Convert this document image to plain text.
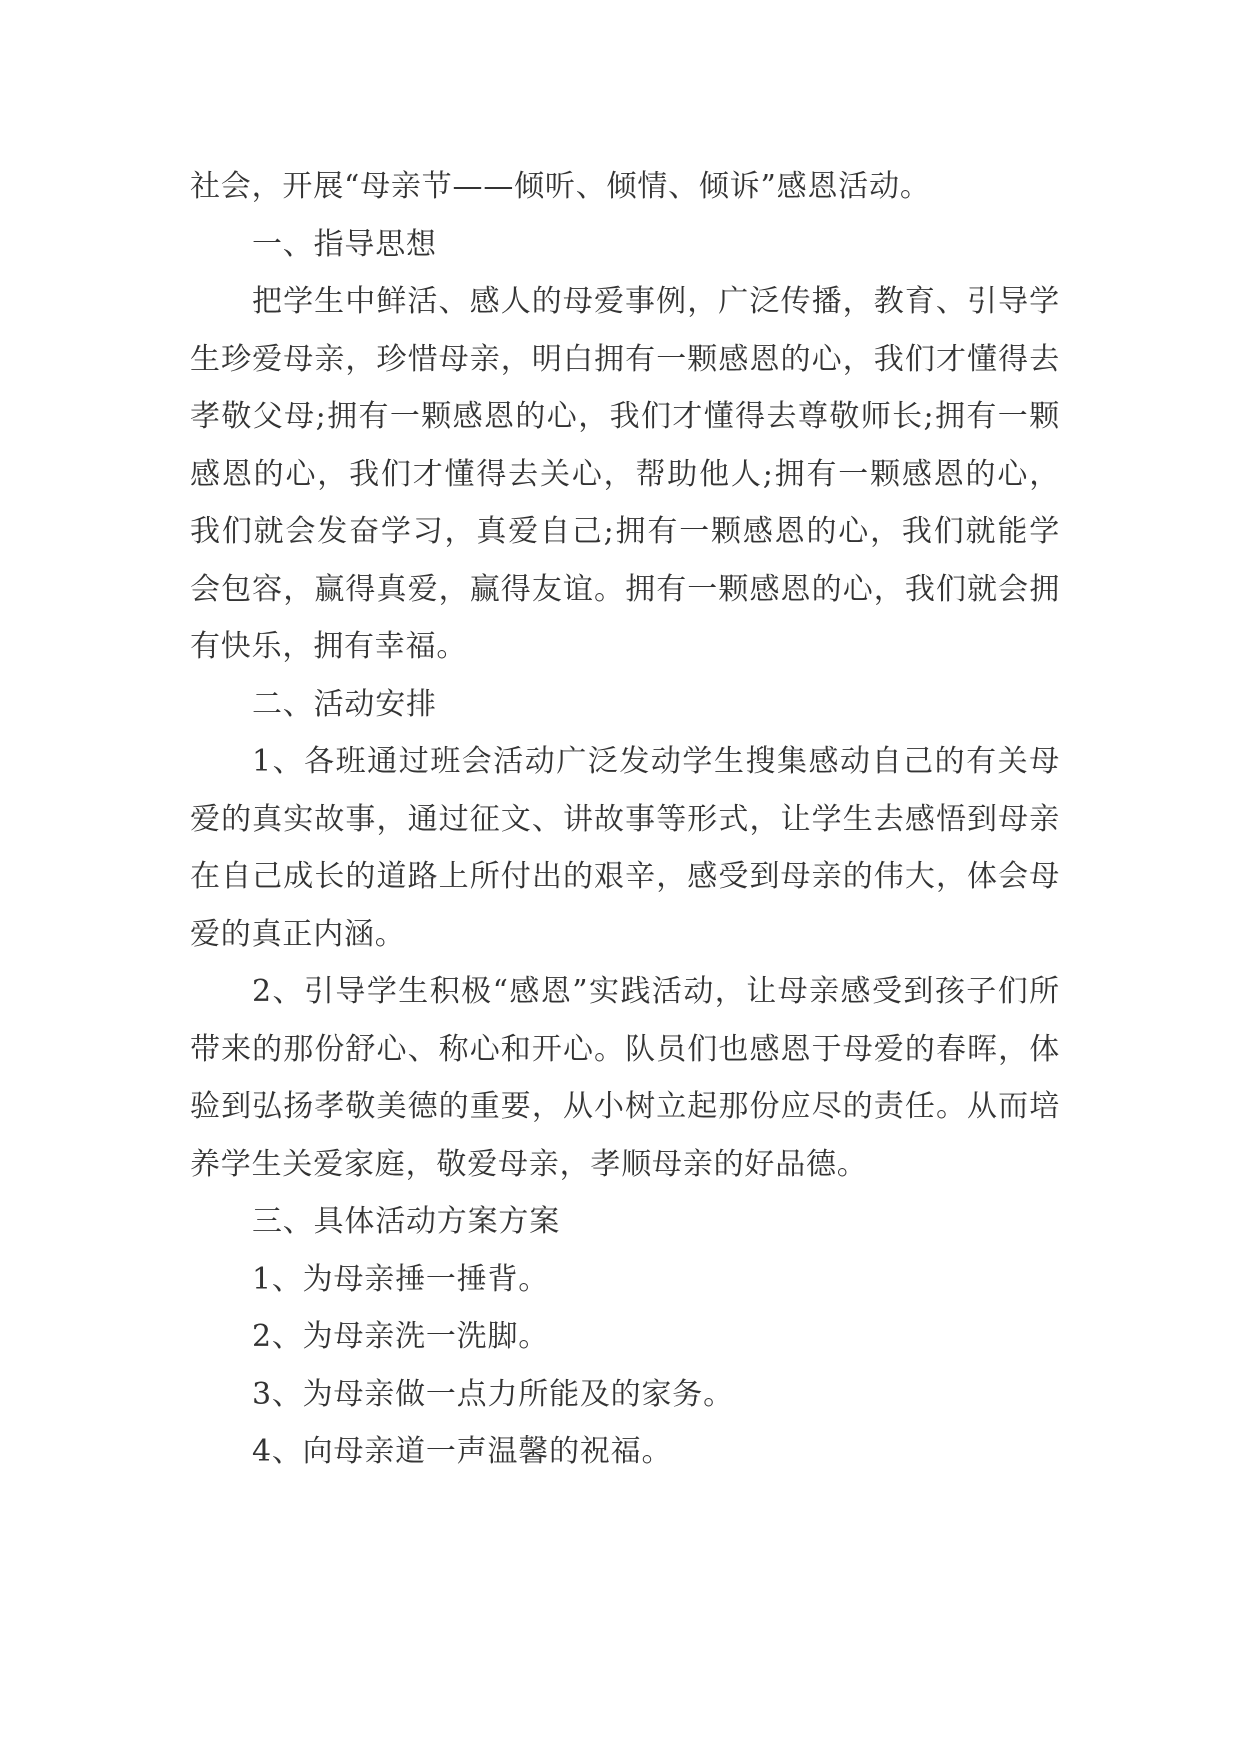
社会，开展“母亲节——倾听、倾情、倾诉”感恩活动。

一、指导思想

把学生中鲜活、感人的母爱事例，广泛传播，教育、引导学生珍爱母亲，珍惜母亲，明白拥有一颗感恩的心，我们才懂得去孝敬父母;拥有一颗感恩的心，我们才懂得去尊敬师长;拥有一颗感恩的心，我们才懂得去关心，帮助他人;拥有一颗感恩的心，我们就会发奋学习，真爱自己;拥有一颗感恩的心，我们就能学会包容，赢得真爱，赢得友谊。拥有一颗感恩的心，我们就会拥有快乐，拥有幸福。

二、活动安排

1、各班通过班会活动广泛发动学生搜集感动自己的有关母爱的真实故事，通过征文、讲故事等形式，让学生去感悟到母亲在自己成长的道路上所付出的艰辛，感受到母亲的伟大，体会母爱的真正内涵。

2、引导学生积极“感恩”实践活动，让母亲感受到孩子们所带来的那份舒心、称心和开心。队员们也感恩于母爱的春晖，体验到弘扬孝敬美德的重要，从小树立起那份应尽的责任。从而培养学生关爱家庭，敬爱母亲，孝顺母亲的好品德。

三、具体活动方案方案

1、为母亲捶一捶背。

2、为母亲洗一洗脚。

3、为母亲做一点力所能及的家务。

4、向母亲道一声温馨的祝福。
